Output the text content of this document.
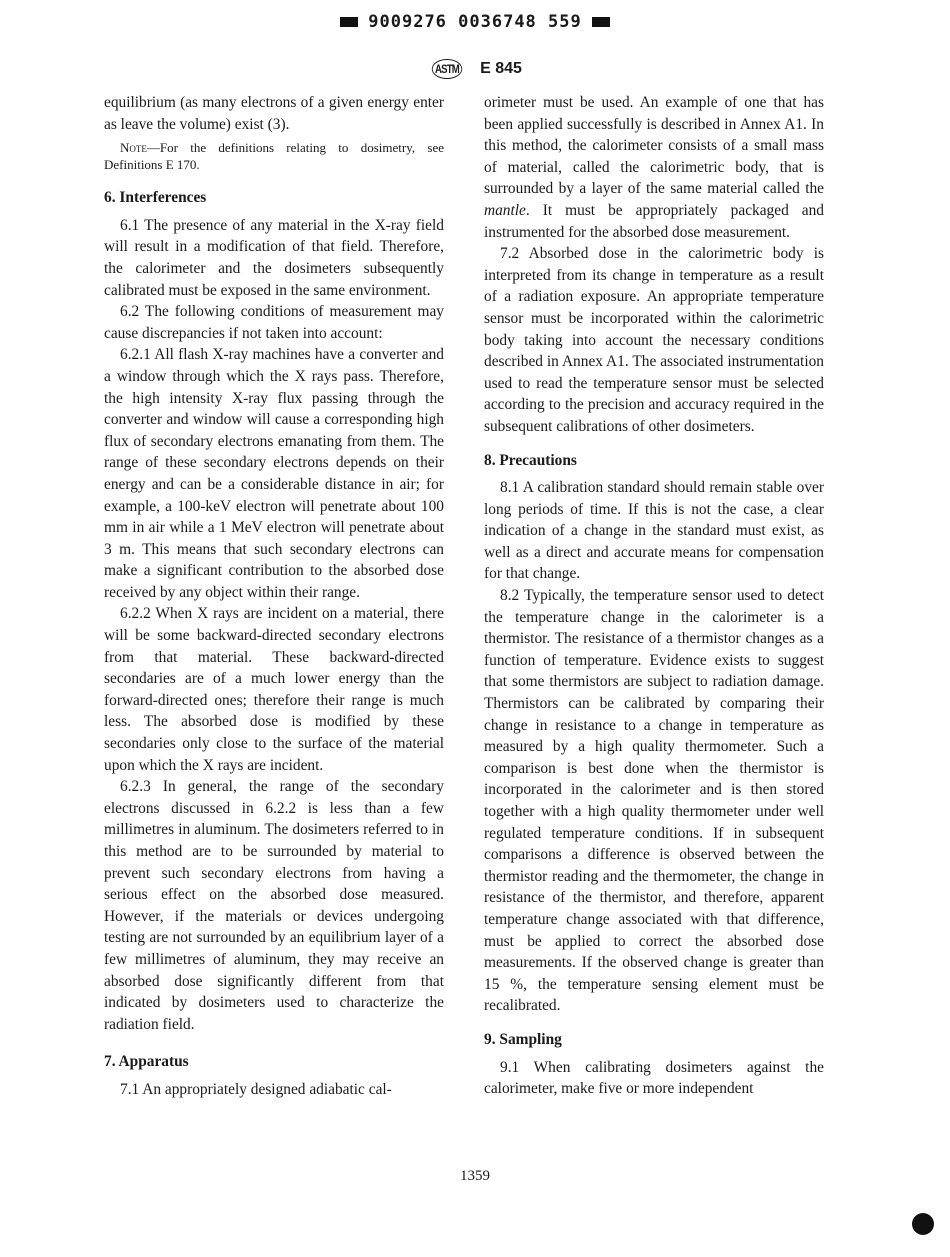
9009276 0036748 559
ASTM E 845

equilibrium (as many electrons of a given energy enter as leave the volume) exist (3).

Note—For the definitions relating to dosimetry, see Definitions E 170.

6. Interferences

6.1 The presence of any material in the X-ray field will result in a modification of that field. Therefore, the calorimeter and the dosimeters subsequently calibrated must be exposed in the same environment.

6.2 The following conditions of measurement may cause discrepancies if not taken into account:

6.2.1 All flash X-ray machines have a converter and a window through which the X rays pass. Therefore, the high intensity X-ray flux passing through the converter and window will cause a corresponding high flux of secondary electrons emanating from them. The range of these secondary electrons depends on their energy and can be a considerable distance in air; for example, a 100-keV electron will penetrate about 100 mm in air while a 1 MeV electron will penetrate about 3 m. This means that such secondary electrons can make a significant contribution to the absorbed dose received by any object within their range.

6.2.2 When X rays are incident on a material, there will be some backward-directed secondary electrons from that material. These backward-directed secondaries are of a much lower energy than the forward-directed ones; therefore their range is much less. The absorbed dose is modified by these secondaries only close to the surface of the material upon which the X rays are incident.

6.2.3 In general, the range of the secondary electrons discussed in 6.2.2 is less than a few millimetres in aluminum. The dosimeters referred to in this method are to be surrounded by material to prevent such secondary electrons from having a serious effect on the absorbed dose measured. However, if the materials or devices undergoing testing are not surrounded by an equilibrium layer of a few millimetres of aluminum, they may receive an absorbed dose significantly different from that indicated by dosimeters used to characterize the radiation field.

7. Apparatus

7.1 An appropriately designed adiabatic cal-

orimeter must be used. An example of one that has been applied successfully is described in Annex A1. In this method, the calorimeter consists of a small mass of material, called the calorimetric body, that is surrounded by a layer of the same material called the mantle. It must be appropriately packaged and instrumented for the absorbed dose measurement.

7.2 Absorbed dose in the calorimetric body is interpreted from its change in temperature as a result of a radiation exposure. An appropriate temperature sensor must be incorporated within the calorimetric body taking into account the necessary conditions described in Annex A1. The associated instrumentation used to read the temperature sensor must be selected according to the precision and accuracy required in the subsequent calibrations of other dosimeters.

8. Precautions

8.1 A calibration standard should remain stable over long periods of time. If this is not the case, a clear indication of a change in the standard must exist, as well as a direct and accurate means for compensation for that change.

8.2 Typically, the temperature sensor used to detect the temperature change in the calorimeter is a thermistor. The resistance of a thermistor changes as a function of temperature. Evidence exists to suggest that some thermistors are subject to radiation damage. Thermistors can be calibrated by comparing their change in resistance to a change in temperature as measured by a high quality thermometer. Such a comparison is best done when the thermistor is incorporated in the calorimeter and is then stored together with a high quality thermometer under well regulated temperature conditions. If in subsequent comparisons a difference is observed between the thermistor reading and the thermometer, the change in resistance of the thermistor, and therefore, apparent temperature change associated with that difference, must be applied to correct the absorbed dose measurements. If the observed change is greater than 15 %, the temperature sensing element must be recalibrated.

9. Sampling

9.1 When calibrating dosimeters against the calorimeter, make five or more independent

1359
